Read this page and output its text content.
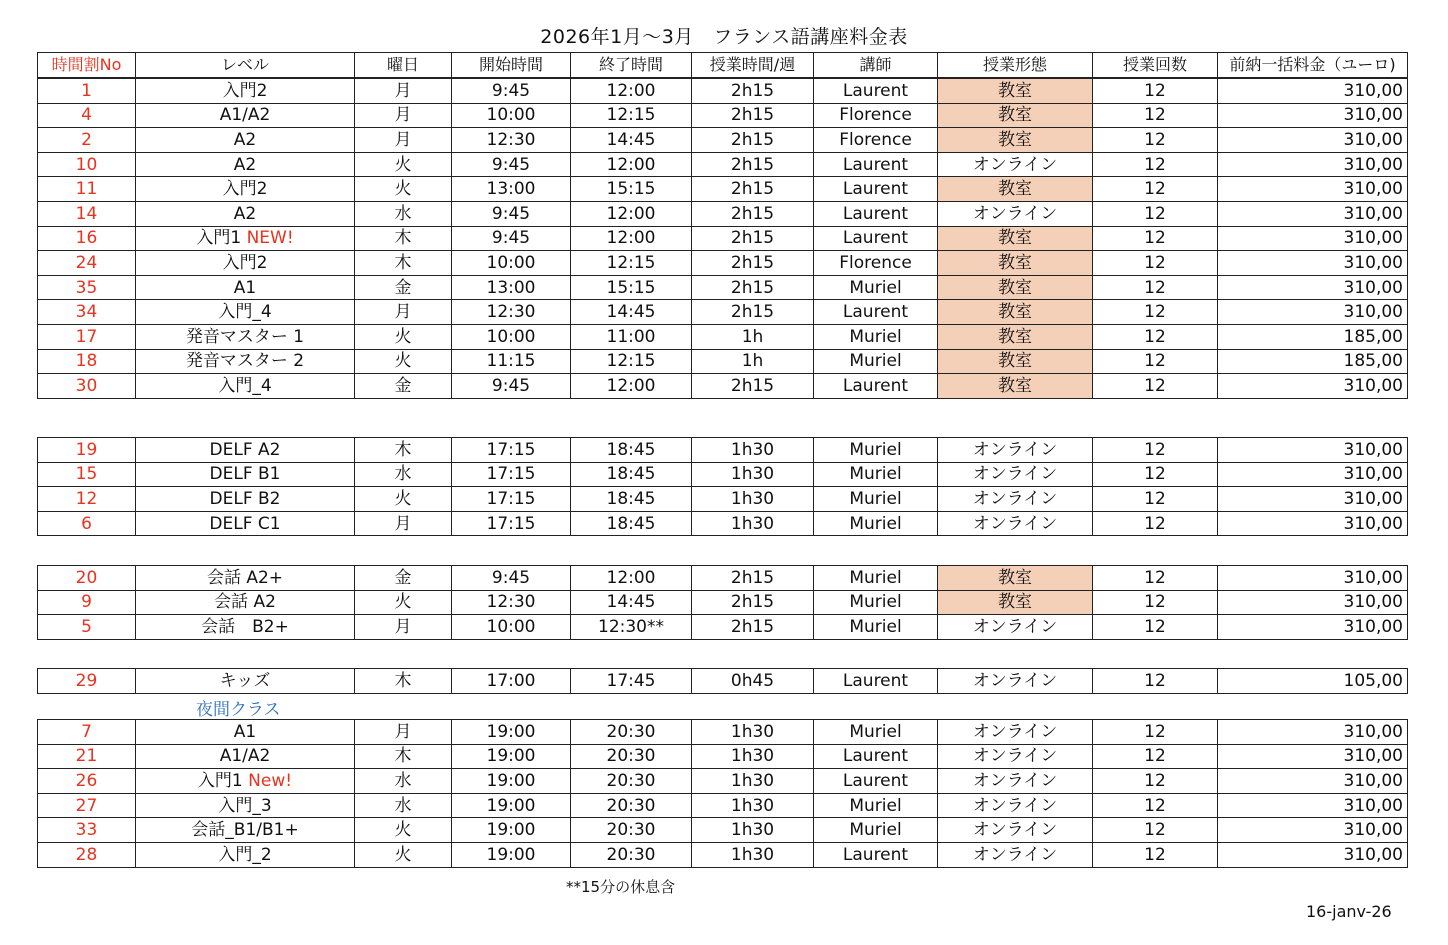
2026年1月〜3月　フランス語講座料金表
時間割No	レベル	曜日	開始時間	終了時間	授業時間/週	講師	授業形態	授業回数	前納一括料金（ユーロ)
1	入門2	月	9:45	12:00	2h15	Laurent	教室	12	310,00
4	A1/A2	月	10:00	12:15	2h15	Florence	教室	12	310,00
2	A2	月	12:30	14:45	2h15	Florence	教室	12	310,00
10	A2	火	9:45	12:00	2h15	Laurent	オンライン	12	310,00
11	入門2	火	13:00	15:15	2h15	Laurent	教室	12	310,00
14	A2	水	9:45	12:00	2h15	Laurent	オンライン	12	310,00
16	入門1 NEW!	木	9:45	12:00	2h15	Laurent	教室	12	310,00
24	入門2	木	10:00	12:15	2h15	Florence	教室	12	310,00
35	A1	金	13:00	15:15	2h15	Muriel	教室	12	310,00
34	入門_4	月	12:30	14:45	2h15	Laurent	教室	12	310,00
17	発音マスター 1	火	10:00	11:00	1h	Muriel	教室	12	185,00
18	発音マスター 2	火	11:15	12:15	1h	Muriel	教室	12	185,00
30	入門_4	金	9:45	12:00	2h15	Laurent	教室	12	310,00
19	DELF A2	木	17:15	18:45	1h30	Muriel	オンライン	12	310,00
15	DELF B1	水	17:15	18:45	1h30	Muriel	オンライン	12	310,00
12	DELF B2	火	17:15	18:45	1h30	Muriel	オンライン	12	310,00
6	DELF C1	月	17:15	18:45	1h30	Muriel	オンライン	12	310,00
20	会話 A2+	金	9:45	12:00	2h15	Muriel	教室	12	310,00
9	会話 A2	火	12:30	14:45	2h15	Muriel	教室	12	310,00
5	会話　B2+	月	10:00	12:30**	2h15	Muriel	オンライン	12	310,00
29	キッズ	木	17:00	17:45	0h45	Laurent	オンライン	12	105,00
7	A1	月	19:00	20:30	1h30	Muriel	オンライン	12	310,00
21	A1/A2	木	19:00	20:30	1h30	Laurent	オンライン	12	310,00
26	入門1 New!	水	19:00	20:30	1h30	Laurent	オンライン	12	310,00
27	入門_3	水	19:00	20:30	1h30	Muriel	オンライン	12	310,00
33	会話_B1/B1+	火	19:00	20:30	1h30	Muriel	オンライン	12	310,00
28	入門_2	火	19:00	20:30	1h30	Laurent	オンライン	12	310,00
夜間クラス
**15分の休息含
16-janv-26
